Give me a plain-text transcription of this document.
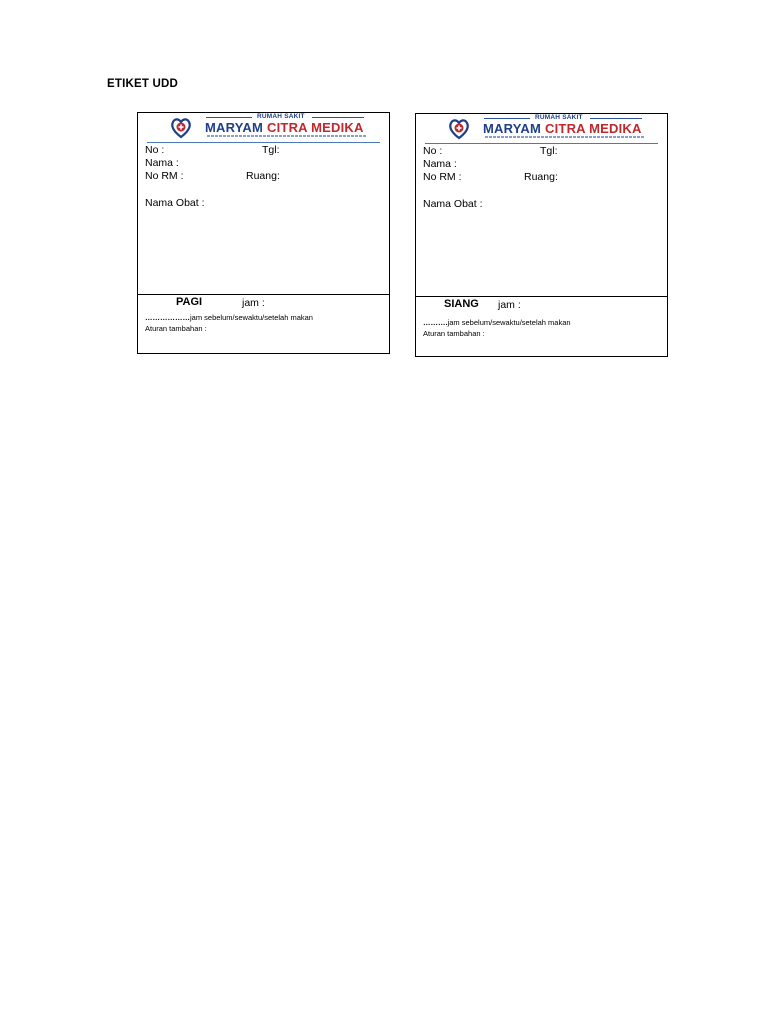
ETIKET UDD
RUMAH SAKIT
MARYAM CITRA MEDIKA
No :	Tgl:
Nama :
No RM :	Ruang:
Nama Obat :
PAGI	jam :
………………jam sebelum/sewaktu/setelah makan
Aturan tambahan :
RUMAH SAKIT
MARYAM CITRA MEDIKA
No :	Tgl:
Nama :
No RM :	Ruang:
Nama Obat :
SIANG jam :
……….jam sebelum/sewaktu/setelah makan
Aturan tambahan :
